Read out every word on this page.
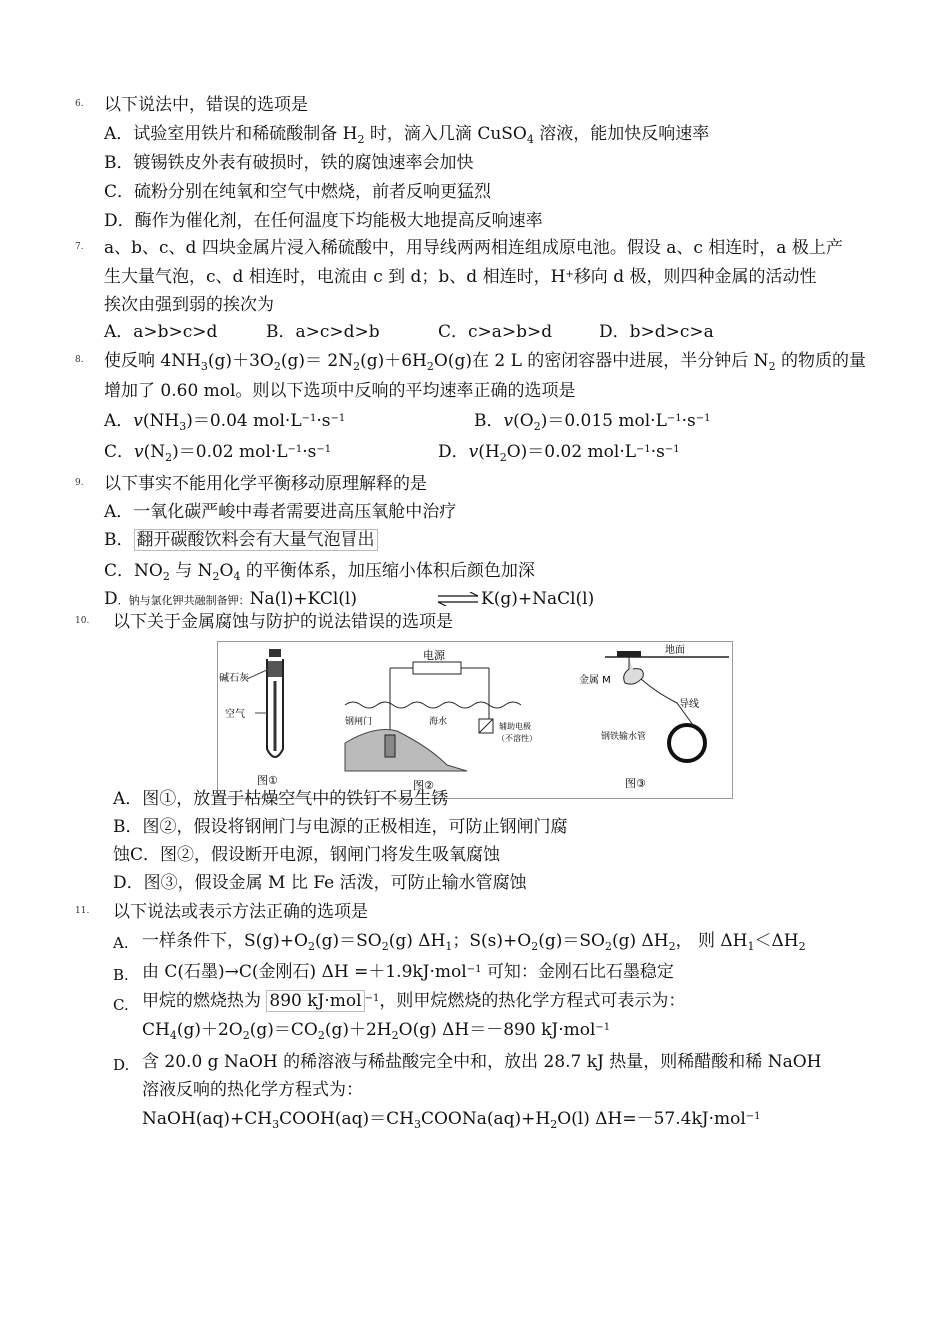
6. 以下说法中，错误的选项是
A．试验室用铁片和稀硫酸制备 $H_2$ 时，滴入几滴 CuSO$_4$ 溶液，能加快反响速率
B．镀锡铁皮外表有破损时，铁的腐蚀速率会加快
C．硫粉分别在纯氧和空气中燃烧，前者反响更猛烈
D．酶作为催化剂，在任何温度下均能极大地提高反响速率
7. a、b、c、d 四块金属片浸入稀硫酸中，用导线两两相连组成原电池。假设 a、c 相连时，a 极上产
生大量气泡，c、d 相连时，电流由 c 到 d；b、d 相连时，H+移向 d 极，则四种金属的活动性
挨次由强到弱的挨次为
A．a>b>c>d	B．a>c>d>b	C．c>a>b>d	D．b>d>c>a
8. 使反响 $4NH_3(g)+3O_2(g)= 2N_2(g)+6H_2O(g)$在 2 L 的密闭容器中进展，半分钟后 $N_2$ 的物质的量
增加了 0.60 mol。则以下选项中反响的平均速率正确的选项是
A．$v(NH_3)=0.04$ $mol\cdot L^{-1}\cdot s^{-1}$	B．$v(O_2)=0.015$ $mol\cdot L^{-1}\cdot s^{-1}$
C．$v(N_2)=0.02$ $mol\cdot L^{-1}\cdot s^{-1}$	D．$v(H_2O)=0.02$ $mol\cdot L^{-1}\cdot s^{-1}$
9. 以下事实不能用化学平衡移动原理解释的是
A．一氧化碳严峻中毒者需要进高压氧舱中治疗
B． 翻开碳酸饮料会有大量气泡冒出
C．$NO_2$ 与 $N_2O_4$ 的平衡体系，加压缩小体积后颜色加深
D．钠与氯化钾共融制备钾：Na(l)+KCl(l)	⇌ K(g)+NaCl(l)
10. 以下关于金属腐蚀与防护的说法错误的选项是
碱石灰
空气
图①
电源
钢闸门	海水	辅助电极
（不溶性）
图②
地面
金属 M
导线
钢铁输水管
图③
A．图①，放置于枯燥空气中的铁钉不易生锈
B．图②，假设将钢闸门与电源的正极相连，可防止钢闸门腐
蚀C．图②，假设断开电源，钢闸门将发生吸氧腐蚀
D．图③，假设金属 M 比 Fe 活泼，可防止输水管腐蚀
11. 以下说法或表示方法正确的选项是
A. 一样条件下，$S(g)+O_2(g)=SO_2(g)$ $\Delta H_1$；$S(s)+O_2(g)=SO_2(g)$ $\Delta H_2$， 则 $\Delta H_1<\Delta H_2$
B. 由 C(石墨)→C(金刚石) ΔH =＋1.9kJ·mol$^{-1}$ 可知：金刚石比石墨稳定
C. 甲烷的燃烧热为 890 kJ·mol $^{-1}$，则甲烷燃烧的热化学方程式可表示为：
$CH_4(g)+2O_2(g)=CO_2(g)+2H_2O(g)$ ΔH＝－890 kJ·mol$^{-1}$
D. 含 20.0 g NaOH 的稀溶液与稀盐酸完全中和，放出 28.7 kJ 热量，则稀醋酸和稀 NaOH
溶液反响的热化学方程式为：
$NaOH(aq)+CH_3COOH(aq)=CH_3COONa(aq)+H_2O(l)$ ΔH=－57.4kJ·mol$^{-1}$
